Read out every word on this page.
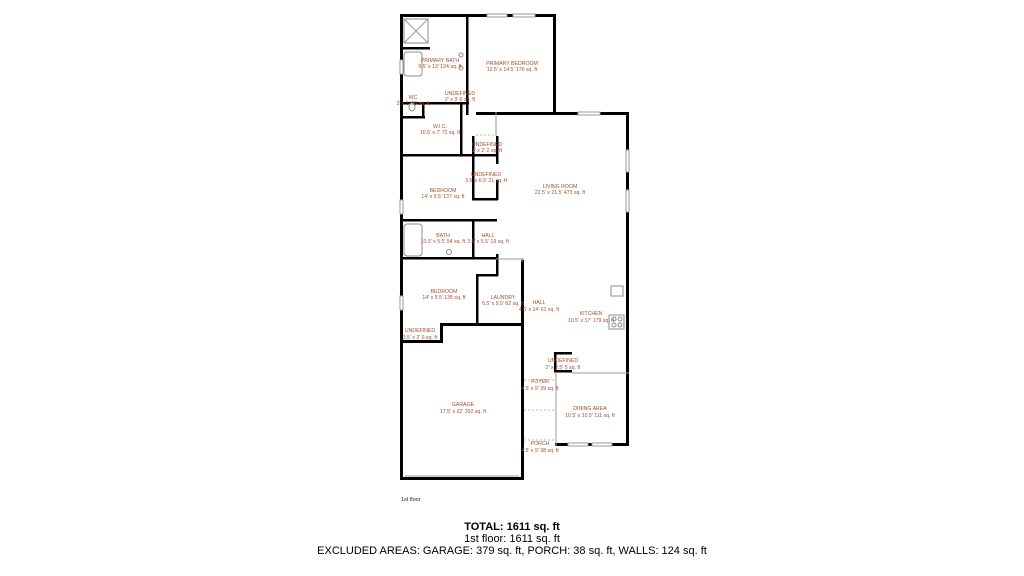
PRIMARY BATH
9.5' x 13' 124 sq. ft	PRIMARY BEDROOM
12.5' x 14.5' 176 sq. ft
UNDEFINED
2' x 3' 6 sq. ft
WC
3' x 5' 18 sq. ft
W.I.C.
10.5' x 7' 72 sq. ft
UNDEFINED
1' x 2' 2 sq. ft
UNDEFINED
3.5' x 6.5' 21 sq. ft
BEDROOM
14' x 9.5' 137 sq. ft
LIVING ROOM
22.5' x 21.5' 473 sq. ft
BATH
10.5' x 5.5' 54 sq. ft
HALL
3.5' x 5.5' 19 sq. ft
BEDROOM
14' x 9.5' 135 sq. ft	LAUNDRY
6.5' x 9.5' 62 sq. ft HALL
4.5' x 14' 61 sq. ft
KITCHEN
10.5' x 17' 179 sq. ft
UNDEFINED
3.5' x 2' 6 sq. ft
UNDEFINED
2' x 2.5' 5 sq. ft
GARAGE
17.5' x 22' 392 sq. ft
FOYER
4.5' x 9' 39 sq. ft
DINING AREA
10.5' x 10.5' 111 sq. ft
PORCH
4.5' x 9' 38 sq. ft
1st floor
TOTAL: 1611 sq. ft
1st floor: 1611 sq. ft
EXCLUDED AREAS: GARAGE: 379 sq. ft, PORCH: 38 sq. ft, WALLS: 124 sq. ft
